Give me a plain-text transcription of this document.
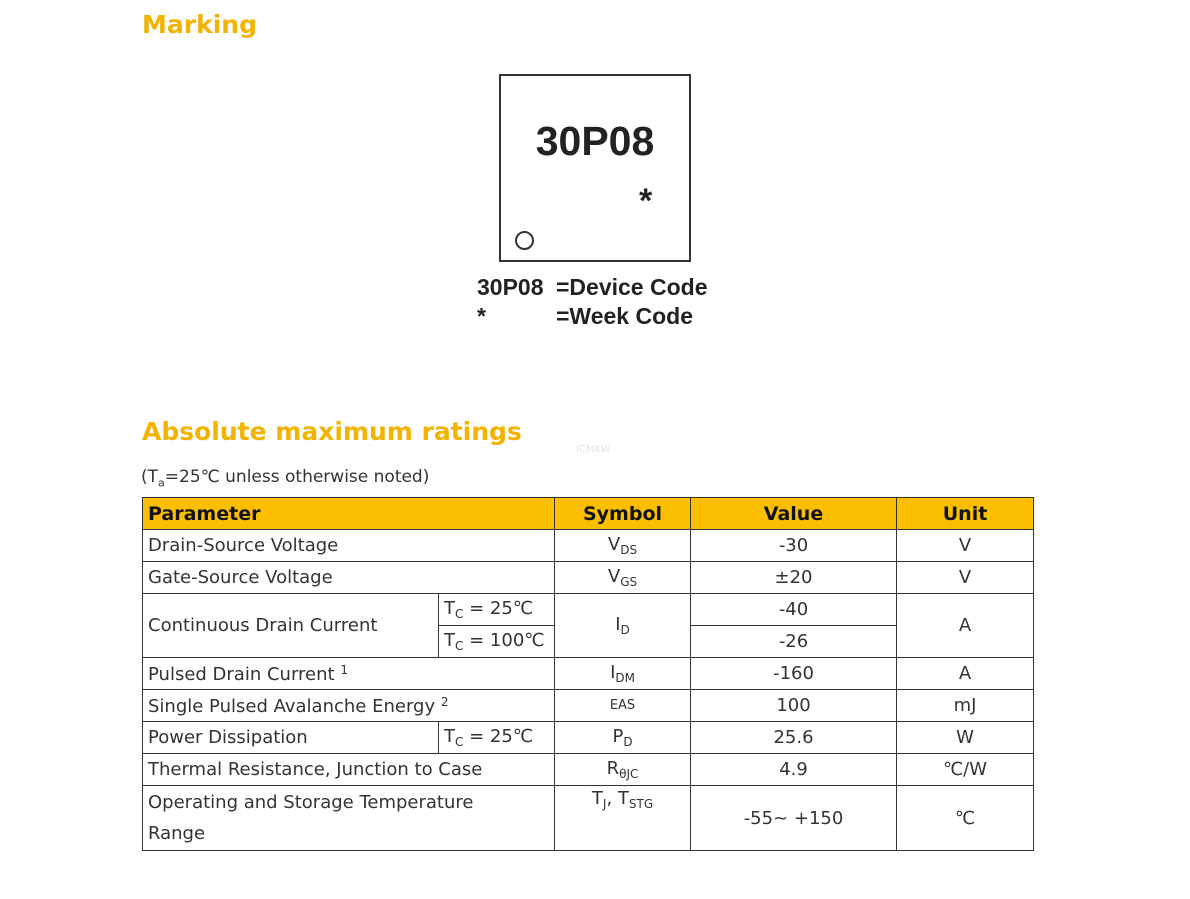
Marking
30P08
*
30P08 =Device Code
*	=Week Code
Absolute maximum ratings
ICMKW
($T_a=25℃$ unless otherwise noted)
Parameter		Symbol	Value	Unit
Drain-Source Voltage		$V_{DS}$	-30	V
Gate-Source Voltage		$V_{GS}$	±20	V
Continuous Drain Current	$T_C$ = 25℃	$I_D$	-40	A
	$T_C$ = 100℃		-26	
Pulsed Drain Current $^1$		$I_{DM}$	-160	A
Single Pulsed Avalanche Energy $^2$		EAS	100	mJ
Power Dissipation	$T_C$ = 25℃	$P_D$	25.6	W
Thermal Resistance, Junction to Case		$R_{\theta JC}$	4.9	℃/W
Operating and Storage Temperature
Range		$T_J$, $T_{STG}$	-55~ +150	℃
